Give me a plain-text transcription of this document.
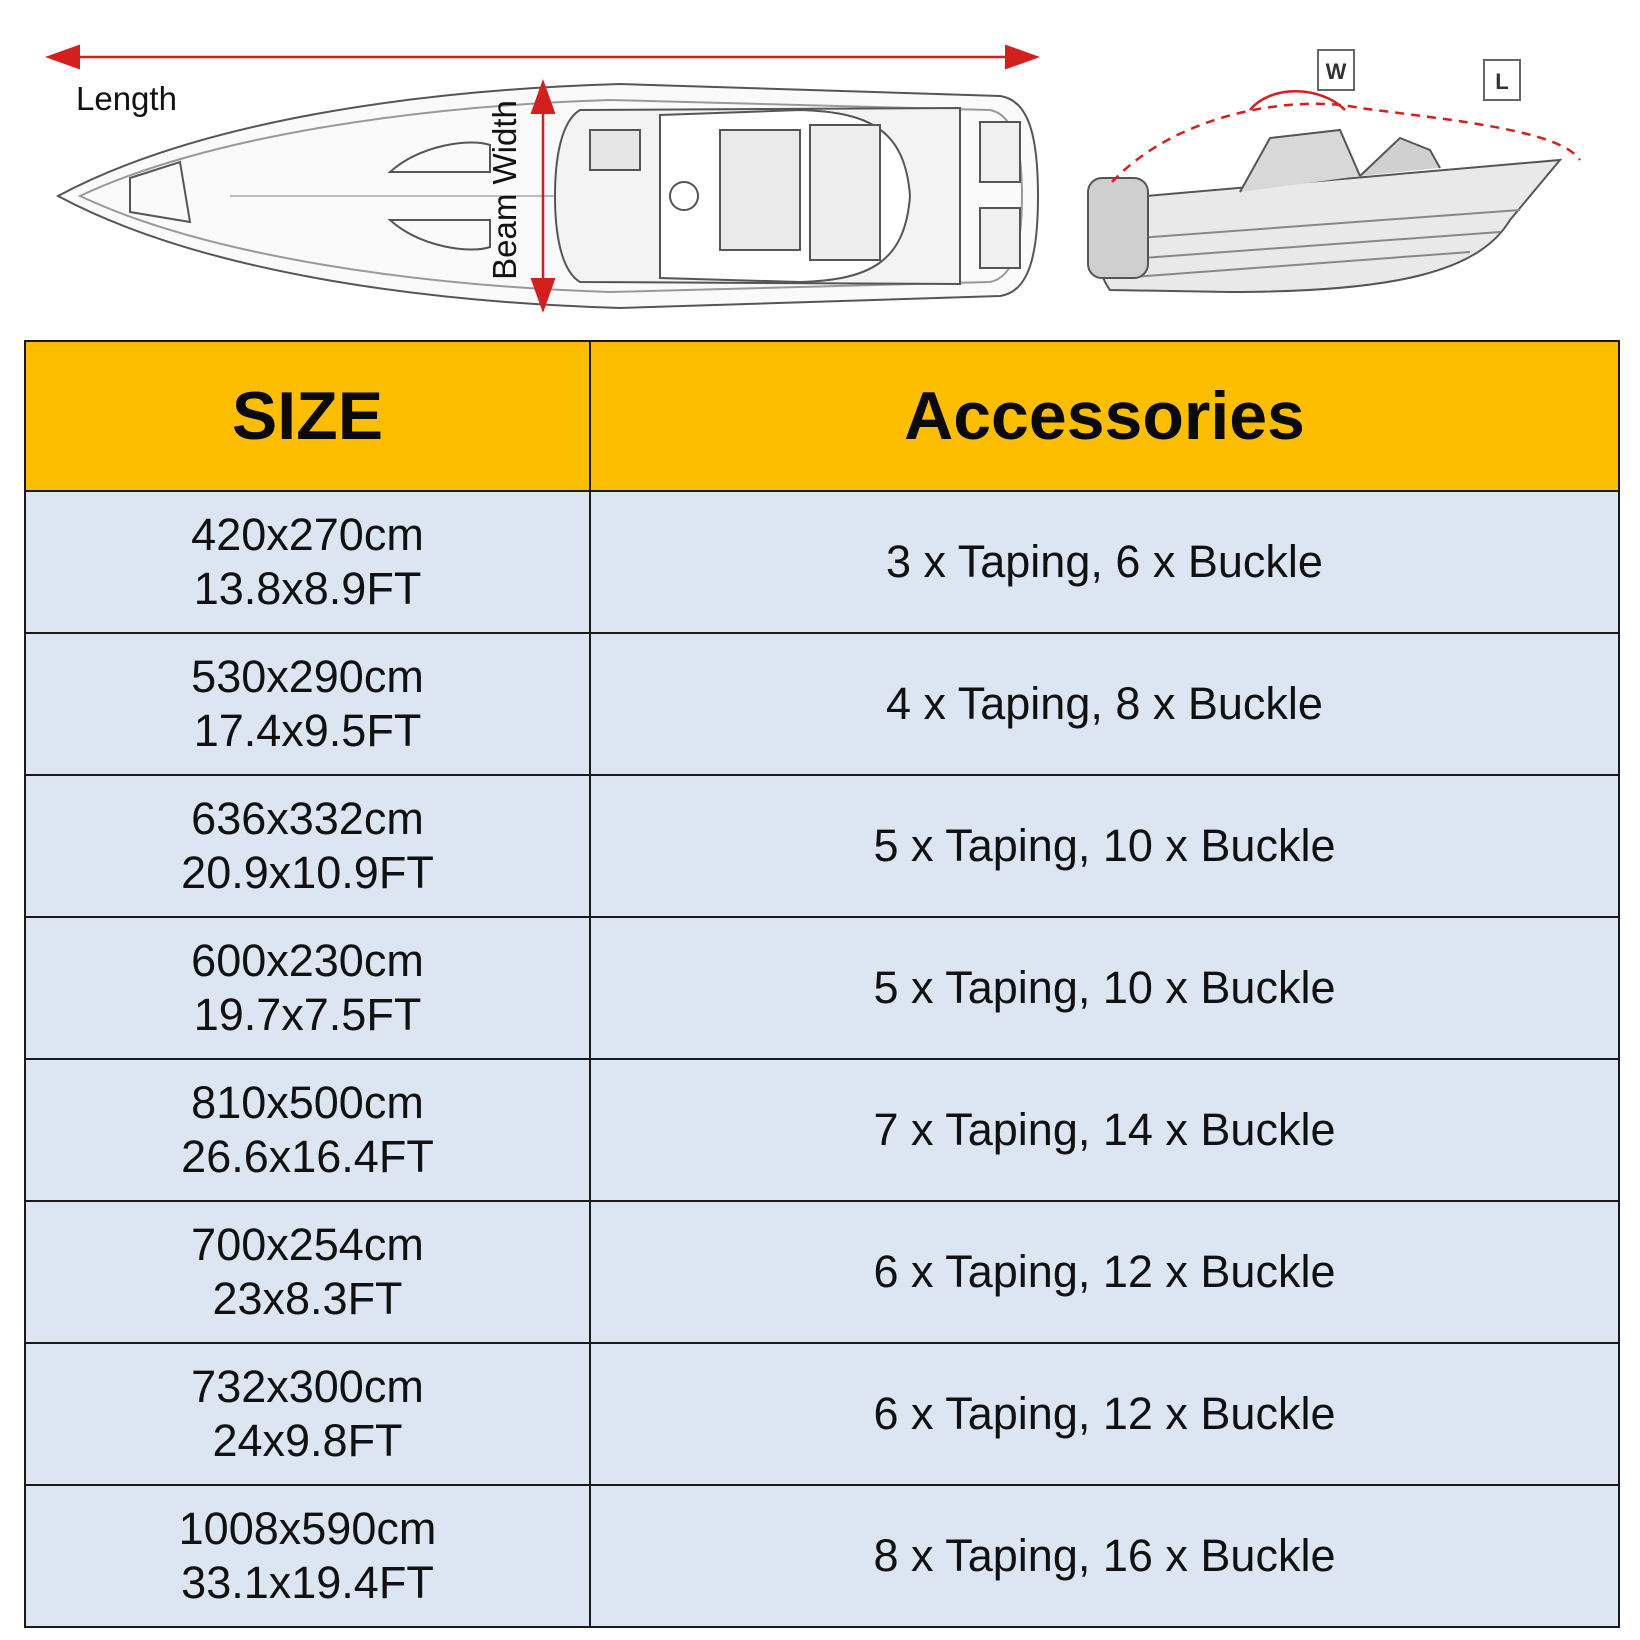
W	L
Length
Beam Width
SIZE	Accessories

420x270cm
13.8x8.9FT	3 x Taping, 6 x Buckle

530x290cm
17.4x9.5FT	4 x Taping, 8 x Buckle

636x332cm
20.9x10.9FT	5 x Taping, 10 x Buckle

600x230cm
19.7x7.5FT	5 x Taping, 10 x Buckle

810x500cm
26.6x16.4FT	7 x Taping, 14 x Buckle

700x254cm
23x8.3FT	6 x Taping, 12 x Buckle

732x300cm
24x9.8FT	6 x Taping, 12 x Buckle

1008x590cm
33.1x19.4FT	8 x Taping, 16 x Buckle
